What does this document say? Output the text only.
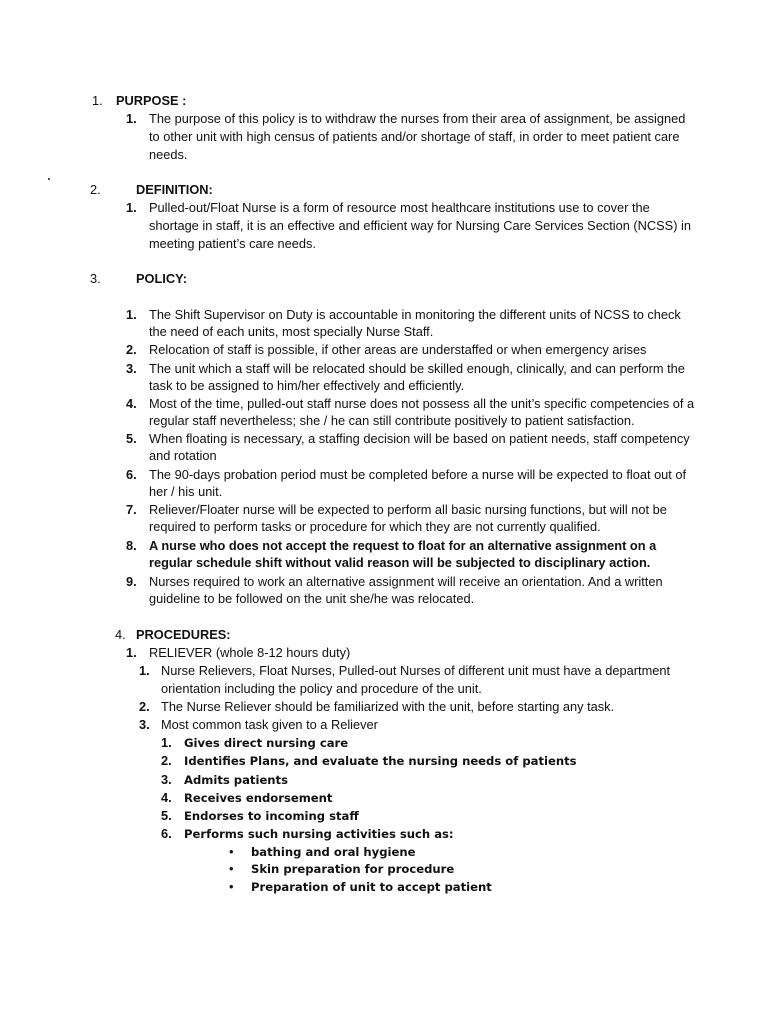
1. PURPOSE :
1. The purpose of this policy is to withdraw the nurses from their area of assignment, be assigned
to other unit with high census of patients and/or shortage of staff, in order to meet patient care
needs.
2.	DEFINITION:
1. Pulled-out/Float Nurse is a form of resource most healthcare institutions use to cover the
shortage in staff, it is an effective and efficient way for Nursing Care Services Section (NCSS) in
meeting patient’s care needs.
3.	POLICY:
1. The Shift Supervisor on Duty is accountable in monitoring the different units of NCSS to check
the need of each units, most specially Nurse Staff.
2. Relocation of staff is possible, if other areas are understaffed or when emergency arises
3. The unit which a staff will be relocated should be skilled enough, clinically, and can perform the
task to be assigned to him/her effectively and efficiently.
4. Most of the time, pulled-out staff nurse does not possess all the unit’s specific competencies of a
regular staff nevertheless; she / he can still contribute positively to patient satisfaction.
5. When floating is necessary, a staffing decision will be based on patient needs, staff competency
and rotation
6. The 90-days probation period must be completed before a nurse will be expected to float out of
her / his unit.
7. Reliever/Floater nurse will be expected to perform all basic nursing functions, but will not be
required to perform tasks or procedure for which they are not currently qualified.
8. A nurse who does not accept the request to float for an alternative assignment on a
regular schedule shift without valid reason will be subjected to disciplinary action.
9. Nurses required to work an alternative assignment will receive an orientation. And a written
guideline to be followed on the unit she/he was relocated.
4. PROCEDURES:
1. RELIEVER (whole 8-12 hours duty)
1. Nurse Relievers, Float Nurses, Pulled-out Nurses of different unit must have a department
orientation including the policy and procedure of the unit.
2. The Nurse Reliever should be familiarized with the unit, before starting any task.
3. Most common task given to a Reliever
1. Gives direct nursing care
2. Identifies Plans, and evaluate the nursing needs of patients
3. Admits patients
4. Receives endorsement
5. Endorses to incoming staff
6. Performs such nursing activities such as:
• bathing and oral hygiene
• Skin preparation for procedure
• Preparation of unit to accept patient
